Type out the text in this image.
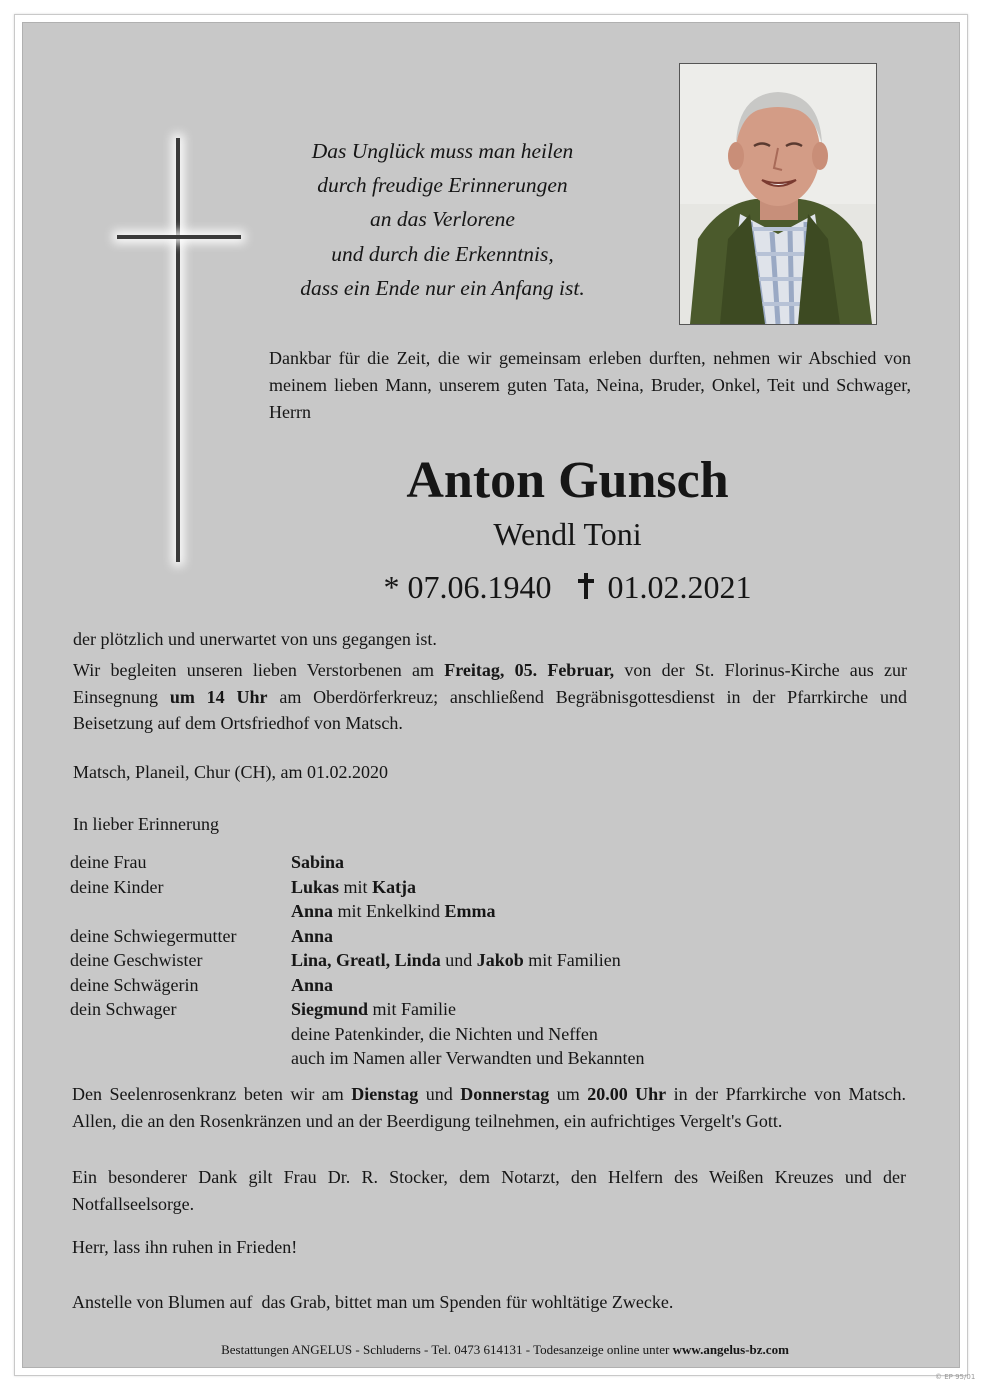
Das Unglück muss man heilen
durch freudige Erinnerungen
an das Verlorene
und durch die Erkenntnis,
dass ein Ende nur ein Anfang ist.
Dankbar für die Zeit, die wir gemeinsam erleben durften, nehmen wir Abschied von meinem lieben Mann, unserem guten Tata, Neina, Bruder, Onkel, Teit und Schwager, Herrn
Anton Gunsch
Wendl Toni
* 07.06.1940 01.02.2021
der plötzlich und unerwartet von uns gegangen ist.
Wir begleiten unseren lieben Verstorbenen am Freitag, 05. Februar, von der St. Florinus-Kirche aus zur Einsegnung um 14 Uhr am Oberdörferkreuz; anschließend Begräbnisgottesdienst in der Pfarrkirche und Beisetzung auf dem Ortsfriedhof von Matsch.
Matsch, Planeil, Chur (CH), am 01.02.2020
In lieber Erinnerung
deine Frau
deine Kinder
deine Schwiegermutter
deine Geschwister
deine Schwägerin
dein Schwager
Sabina
Lukas mit Katja
Anna mit Enkelkind Emma
Anna
Lina, Greatl, Linda und Jakob mit Familien
Anna
Siegmund mit Familie
deine Patenkinder, die Nichten und Neffen
auch im Namen aller Verwandten und Bekannten
Den Seelenrosenkranz beten wir am Dienstag und Donnerstag um 20.00 Uhr in der Pfarrkirche von Matsch. Allen, die an den Rosenkränzen und an der Beerdigung teilnehmen, ein aufrichtiges Vergelt's Gott.
Ein besonderer Dank gilt Frau Dr. R. Stocker, dem Notarzt, den Helfern des Weißen Kreuzes und der Notfallseelsorge.
Herr, lass ihn ruhen in Frieden!
Anstelle von Blumen auf  das Grab, bittet man um Spenden für wohltätige Zwecke.
Bestattungen ANGELUS - Schluderns - Tel. 0473 614131 - Todesanzeige online unter www.angelus-bz.com
© EP 95/01
